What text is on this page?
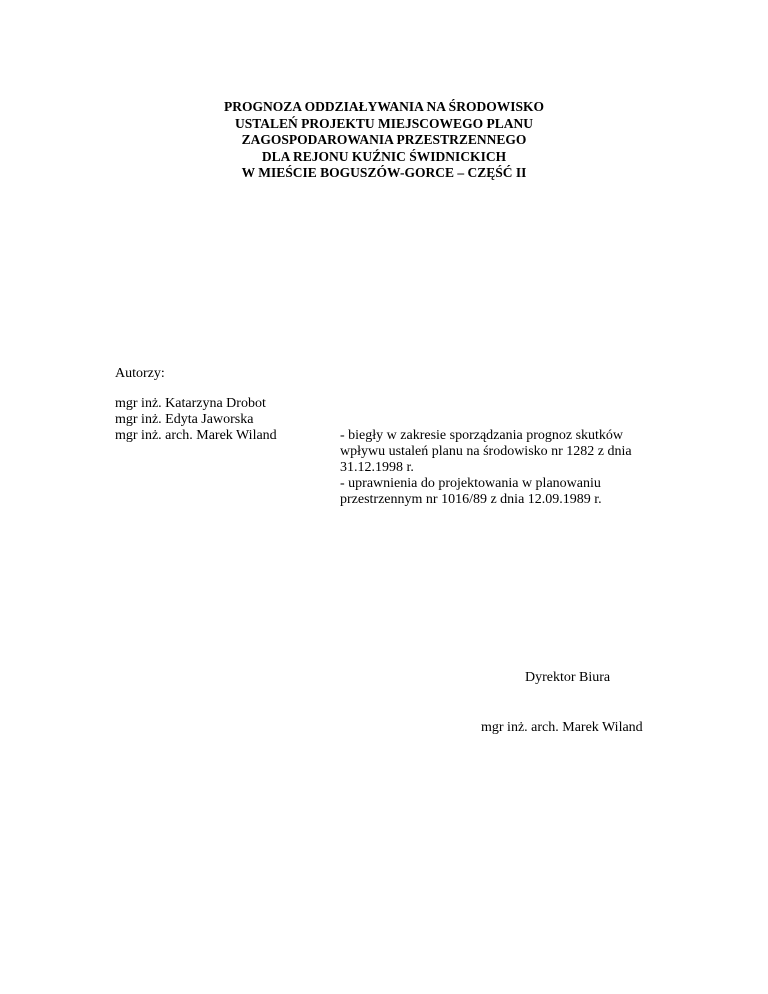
PROGNOZA ODDZIAŁYWANIA NA ŚRODOWISKO
USTALEŃ PROJEKTU MIEJSCOWEGO PLANU
ZAGOSPODAROWANIA PRZESTRZENNEGO
DLA REJONU KUŹNIC ŚWIDNICKICH
W MIEŚCIE BOGUSZÓW-GORCE – CZĘŚĆ II
Autorzy:
mgr inż. Katarzyna Drobot
mgr inż. Edyta Jaworska
mgr inż. arch. Marek Wiland	- biegły w zakresie sporządzania prognoz skutków
wpływu ustaleń planu na środowisko nr 1282 z dnia
31.12.1998 r.
- uprawnienia do projektowania w planowaniu
przestrzennym nr 1016/89 z dnia 12.09.1989 r.
Dyrektor Biura
mgr inż. arch. Marek Wiland
